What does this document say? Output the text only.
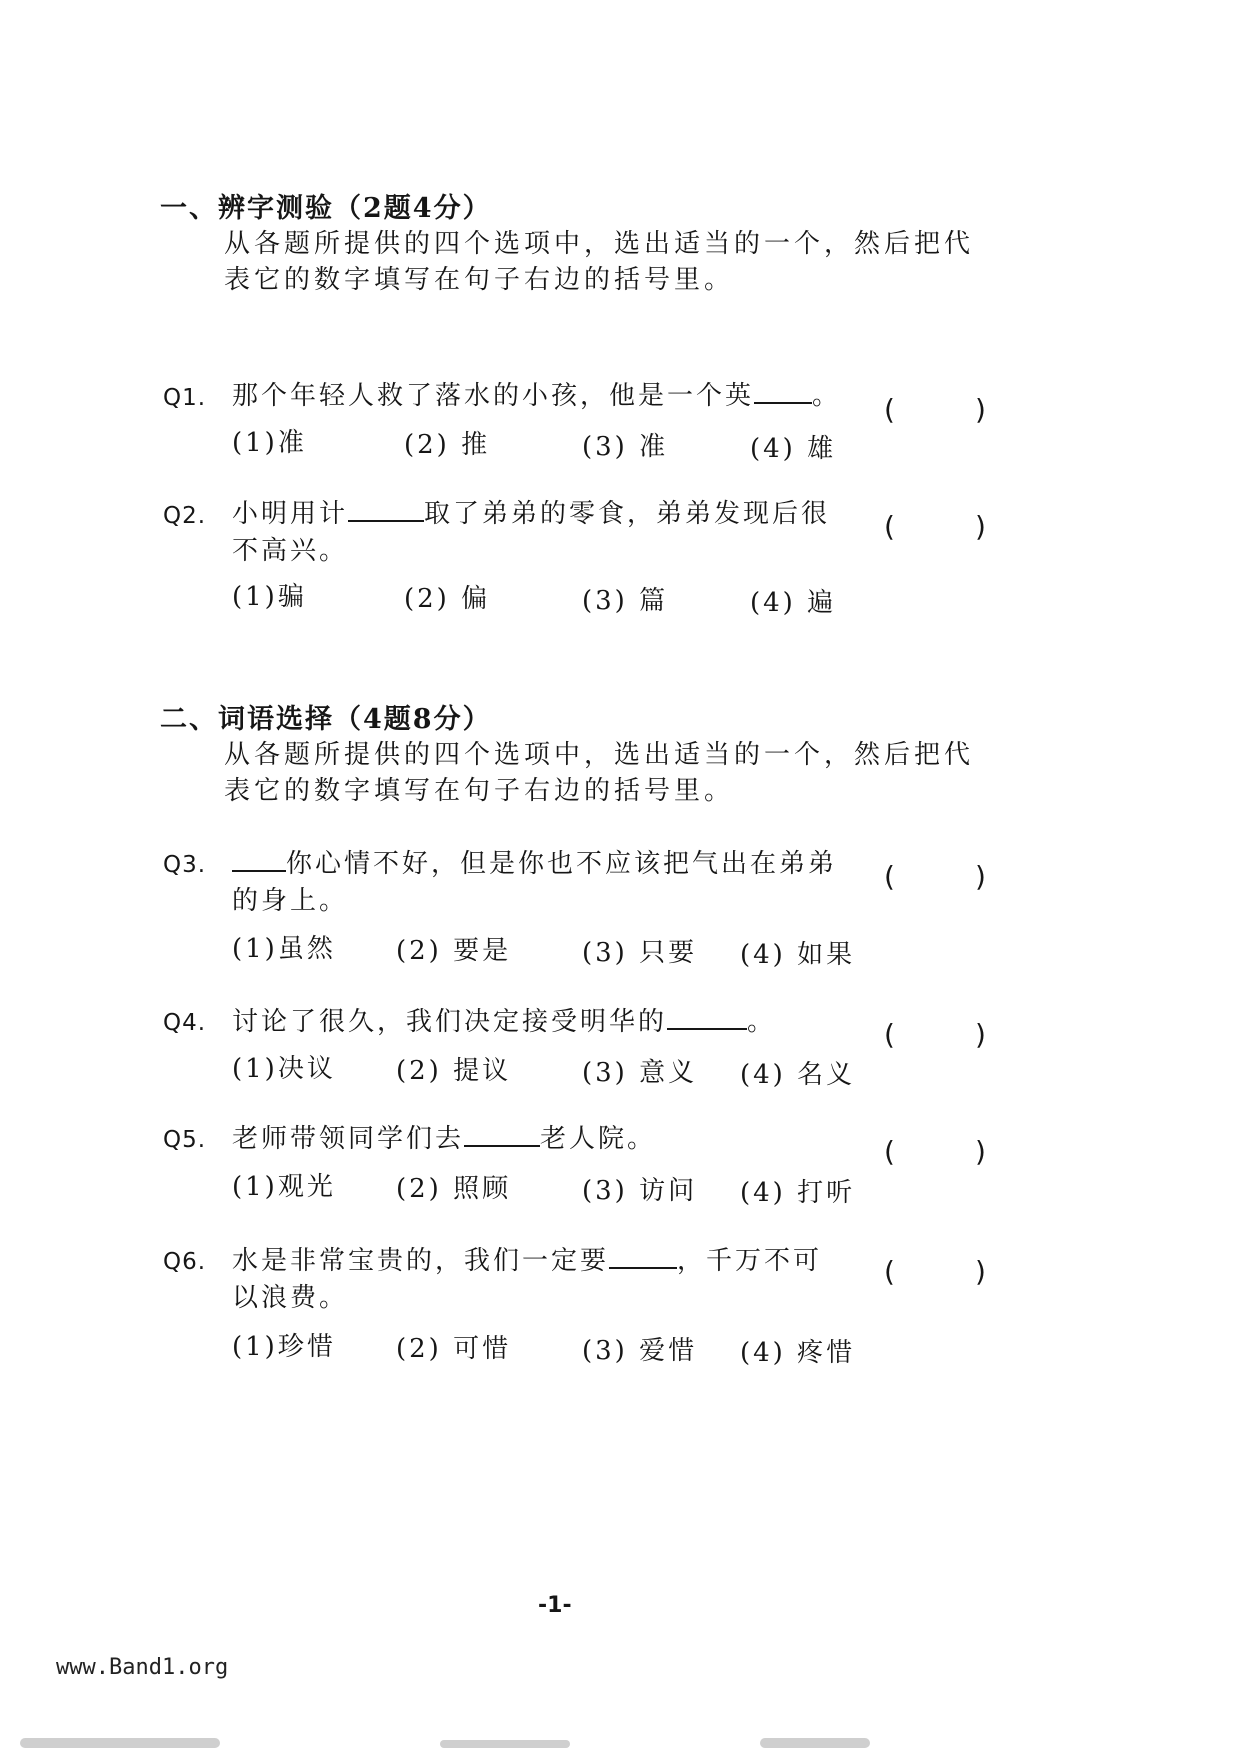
一、辨字测验（2题4分）
从各题所提供的四个选项中，选出适当的一个，然后把代表它的数字填写在句子右边的括号里。
Q1. 那个年轻人救了落水的小孩，他是一个英 。
(1)准	(2) 推	(3) 准	(4) 雄
(	)
Q2. 小明用计	取了弟弟的零食，弟弟发现后很
不高兴。
(1)骗	(2) 偏	(3) 篇	(4) 遍
(	)
二、词语选择（4题8分）
从各题所提供的四个选项中，选出适当的一个，然后把代表它的数字填写在句子右边的括号里。
Q3.	你心情不好，但是你也不应该把气出在弟弟
的身上。
(1)虽然 (2) 要是	(3) 只要 (4) 如果
(	)
Q4. 讨论了很久，我们决定接受明华的	。
(1)决议 (2) 提议	(3) 意义 (4) 名义
(	)
Q5. 老师带领同学们去	老人院。
(1)观光 (2) 照顾	(3) 访问 (4) 打听
(	)
Q6. 水是非常宝贵的，我们一定要	，千万不可
以浪费。
(1)珍惜 (2) 可惜	(3) 爱惜 (4) 疼惜
(	)
-1-
www.Band1.org
